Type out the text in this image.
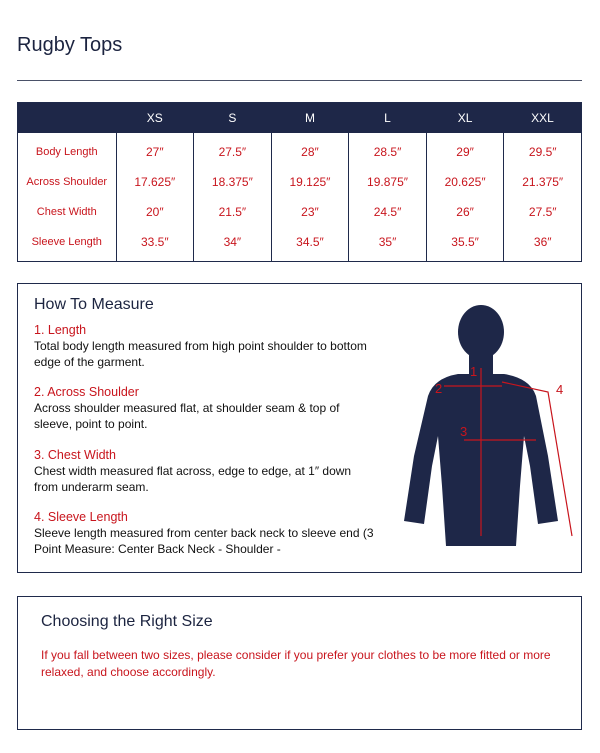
Rugby Tops
	XS	S	M	L	XL	XXL
Body Length	27″	27.5″	28″	28.5″	29″	29.5″
Across Shoulder	17.625″	18.375″	19.125″	19.875″	20.625″	21.375″
Chest Width	20″	21.5″	23″	24.5″	26″	27.5″
Sleeve Length	33.5″	34″	34.5″	35″	35.5″	36″
How To Measure
1. Length
Total body length measured from high point shoulder to bottom edge of the garment.
2. Across Shoulder
Across shoulder measured flat, at shoulder seam & top of sleeve, point to point.
3. Chest Width
Chest width measured flat across, edge to edge, at 1″ down from underarm seam.
4. Sleeve Length
Sleeve length measured from center back neck to sleeve end (3 Point Measure: Center Back Neck - Shoulder -
1
2
3
4
Choosing the Right Size
If you fall between two sizes, please consider if you prefer your clothes to be more fitted or more relaxed, and choose accordingly.
